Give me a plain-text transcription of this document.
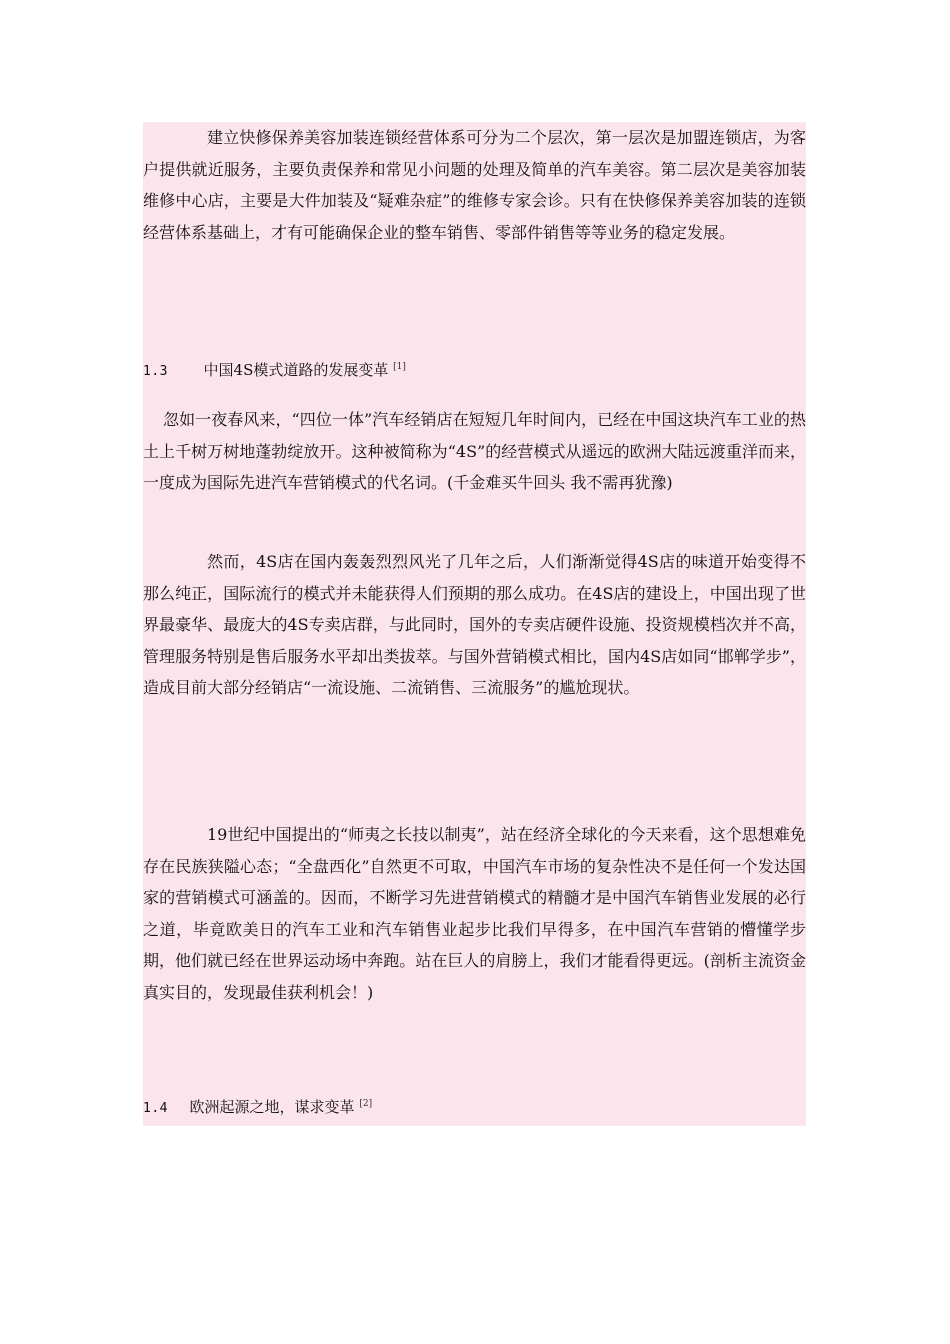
建立快修保养美容加装连锁经营体系可分为二个层次，第一层次是加盟连锁店，为客户提供就近服务，主要负责保养和常见小问题的处理及简单的汽车美容。第二层次是美容加装维修中心店，主要是大件加装及“疑难杂症”的维修专家会诊。只有在快修保养美容加装的连锁经营体系基础上，才有可能确保企业的整车销售、零部件销售等等业务的稳定发展。

1.3 中国4S模式道路的发展变革 [1]

忽如一夜春风来，“四位一体”汽车经销店在短短几年时间内，已经在中国这块汽车工业的热土上千树万树地蓬勃绽放开。这种被简称为“4S”的经营模式从遥远的欧洲大陆远渡重洋而来，一度成为国际先进汽车营销模式的代名词。(千金难买牛回头 我不需再犹豫)

然而，4S店在国内轰轰烈烈风光了几年之后，人们渐渐觉得4S店的味道开始变得不那么纯正，国际流行的模式并未能获得人们预期的那么成功。在4S店的建设上，中国出现了世界最豪华、最庞大的4S专卖店群，与此同时，国外的专卖店硬件设施、投资规模档次并不高，管理服务特别是售后服务水平却出类拔萃。与国外营销模式相比，国内4S店如同“邯郸学步”，造成目前大部分经销店“一流设施、二流销售、三流服务”的尴尬现状。

19世纪中国提出的“师夷之长技以制夷”，站在经济全球化的今天来看，这个思想难免存在民族狭隘心态；“全盘西化”自然更不可取，中国汽车市场的复杂性决不是任何一个发达国家的营销模式可涵盖的。因而，不断学习先进营销模式的精髓才是中国汽车销售业发展的必行之道，毕竟欧美日的汽车工业和汽车销售业起步比我们早得多，在中国汽车营销的懵懂学步期，他们就已经在世界运动场中奔跑。站在巨人的肩膀上，我们才能看得更远。(剖析主流资金真实目的，发现最佳获利机会！)

1.4 欧洲起源之地，谋求变革 [2]
